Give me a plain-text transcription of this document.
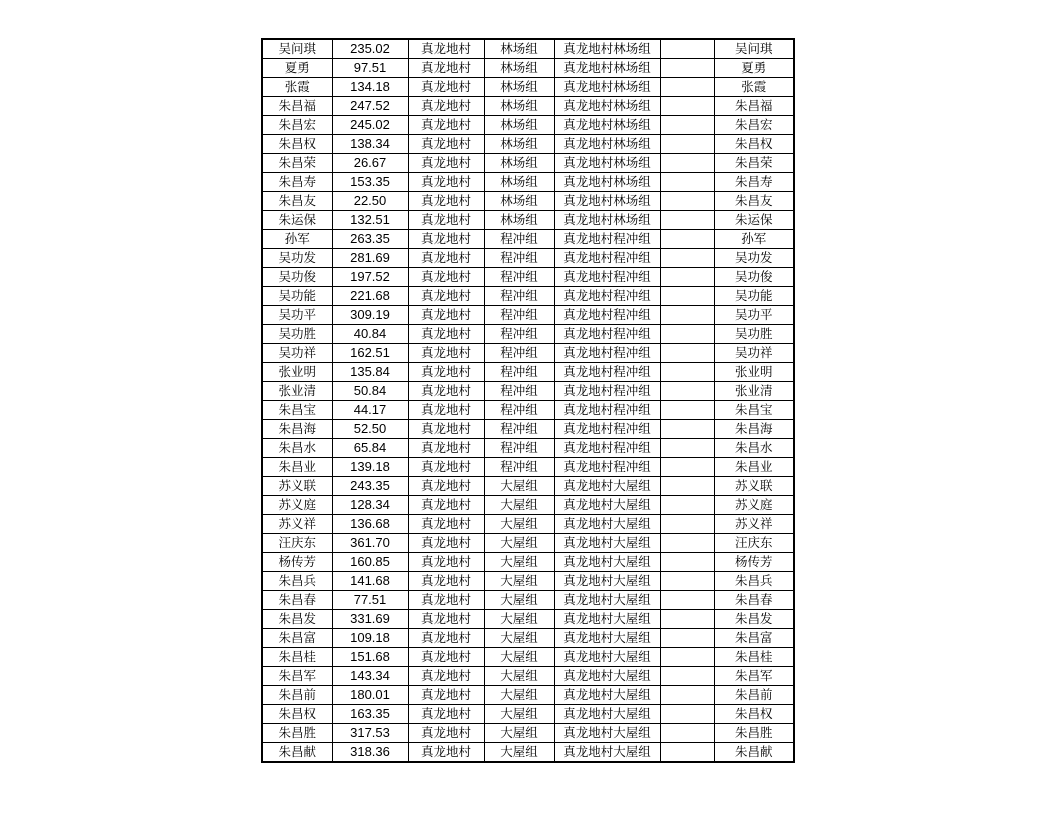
吴问琪	235.02	真龙地村	林场组	真龙地村林场组		吴问琪
夏勇	97.51	真龙地村	林场组	真龙地村林场组		夏勇
张霞	134.18	真龙地村	林场组	真龙地村林场组		张霞
朱昌福	247.52	真龙地村	林场组	真龙地村林场组		朱昌福
朱昌宏	245.02	真龙地村	林场组	真龙地村林场组		朱昌宏
朱昌权	138.34	真龙地村	林场组	真龙地村林场组		朱昌权
朱昌荣	26.67	真龙地村	林场组	真龙地村林场组		朱昌荣
朱昌寿	153.35	真龙地村	林场组	真龙地村林场组		朱昌寿
朱昌友	22.50	真龙地村	林场组	真龙地村林场组		朱昌友
朱运保	132.51	真龙地村	林场组	真龙地村林场组		朱运保
孙军	263.35	真龙地村	程冲组	真龙地村程冲组		孙军
吴功发	281.69	真龙地村	程冲组	真龙地村程冲组		吴功发
吴功俊	197.52	真龙地村	程冲组	真龙地村程冲组		吴功俊
吴功能	221.68	真龙地村	程冲组	真龙地村程冲组		吴功能
吴功平	309.19	真龙地村	程冲组	真龙地村程冲组		吴功平
吴功胜	40.84	真龙地村	程冲组	真龙地村程冲组		吴功胜
吴功祥	162.51	真龙地村	程冲组	真龙地村程冲组		吴功祥
张业明	135.84	真龙地村	程冲组	真龙地村程冲组		张业明
张业清	50.84	真龙地村	程冲组	真龙地村程冲组		张业清
朱昌宝	44.17	真龙地村	程冲组	真龙地村程冲组		朱昌宝
朱昌海	52.50	真龙地村	程冲组	真龙地村程冲组		朱昌海
朱昌水	65.84	真龙地村	程冲组	真龙地村程冲组		朱昌水
朱昌业	139.18	真龙地村	程冲组	真龙地村程冲组		朱昌业
苏义联	243.35	真龙地村	大屋组	真龙地村大屋组		苏义联
苏义庭	128.34	真龙地村	大屋组	真龙地村大屋组		苏义庭
苏义祥	136.68	真龙地村	大屋组	真龙地村大屋组		苏义祥
汪庆东	361.70	真龙地村	大屋组	真龙地村大屋组		汪庆东
杨传芳	160.85	真龙地村	大屋组	真龙地村大屋组		杨传芳
朱昌兵	141.68	真龙地村	大屋组	真龙地村大屋组		朱昌兵
朱昌春	77.51	真龙地村	大屋组	真龙地村大屋组		朱昌春
朱昌发	331.69	真龙地村	大屋组	真龙地村大屋组		朱昌发
朱昌富	109.18	真龙地村	大屋组	真龙地村大屋组		朱昌富
朱昌桂	151.68	真龙地村	大屋组	真龙地村大屋组		朱昌桂
朱昌军	143.34	真龙地村	大屋组	真龙地村大屋组		朱昌军
朱昌前	180.01	真龙地村	大屋组	真龙地村大屋组		朱昌前
朱昌权	163.35	真龙地村	大屋组	真龙地村大屋组		朱昌权
朱昌胜	317.53	真龙地村	大屋组	真龙地村大屋组		朱昌胜
朱昌献	318.36	真龙地村	大屋组	真龙地村大屋组		朱昌献
